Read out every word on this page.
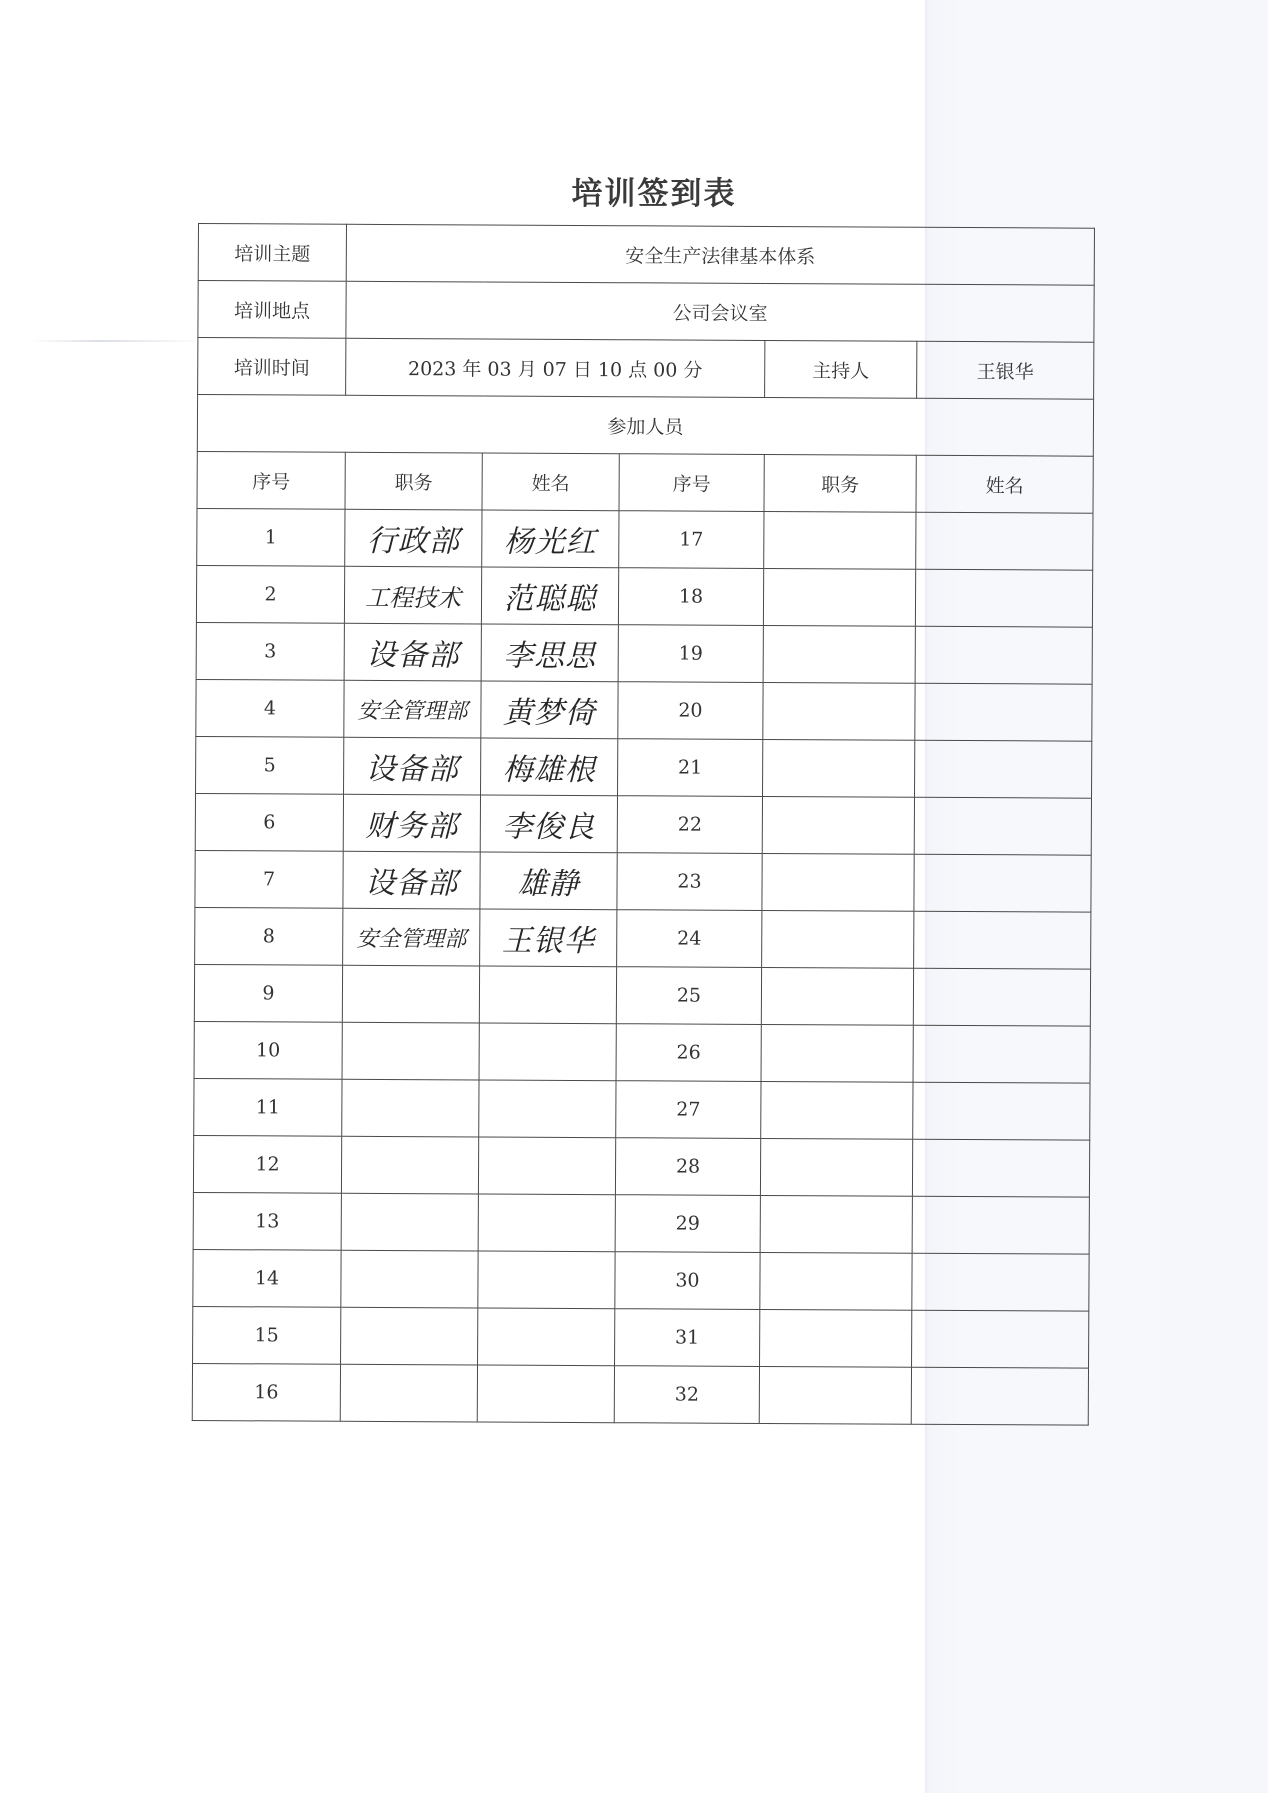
培训签到表
培训主题	安全生产法律基本体系				
培训地点	公司会议室				
培训时间	2023 年 03 月 07 日 10 点 00 分			主持人	王银华
参加人员					
序号	职务	姓名	序号	职务	姓名
1	行政部	杨光红	17		
2	工程技术	范聪聪	18		
3	设备部	李思思	19		
4	安全管理部	黄梦倚	20		
5	设备部	梅雄根	21		
6	财务部	李俊良	22		
7	设备部	雄静	23		
8	安全管理部	王银华	24		
9			25		
10			26		
11			27		
12			28		
13			29		
14			30		
15			31		
16			32		
